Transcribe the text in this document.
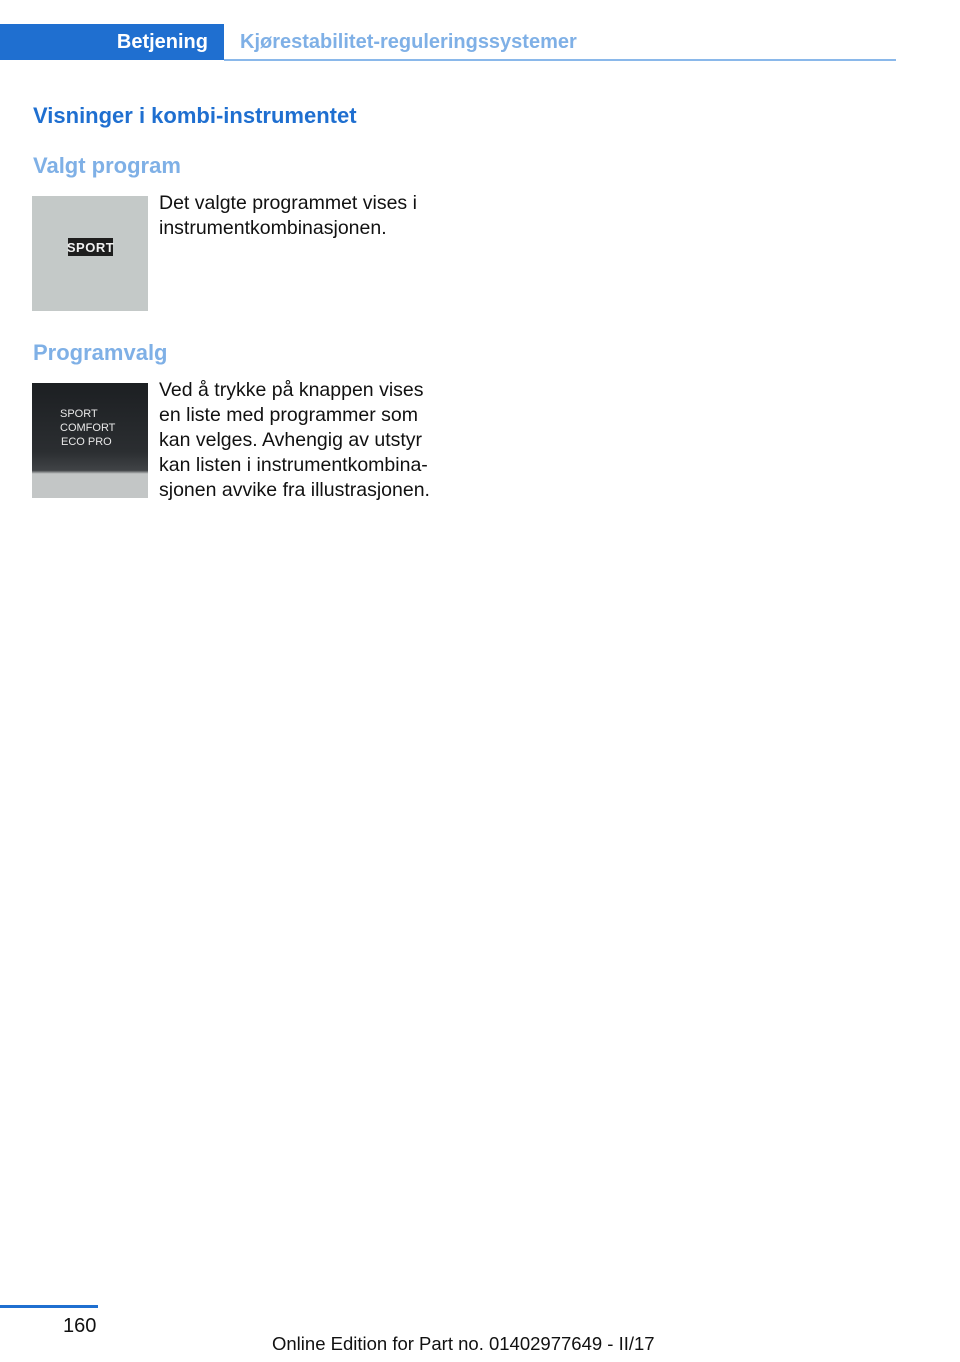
Betjening	Kjørestabilitet-reguleringssystemer
Visninger i kombi-instrumentet
Valgt program
SPORT
Det valgte programmet vises i
instrumentkombinasjonen.
Programvalg
SPORT
COMFORT
ECO PRO
Ved å trykke på knappen vises
en liste med programmer som
kan velges. Avhengig av utstyr
kan listen i instrumentkombina-
sjonen avvike fra illustrasjonen.
160
Online Edition for Part no. 01402977649 - II/17
